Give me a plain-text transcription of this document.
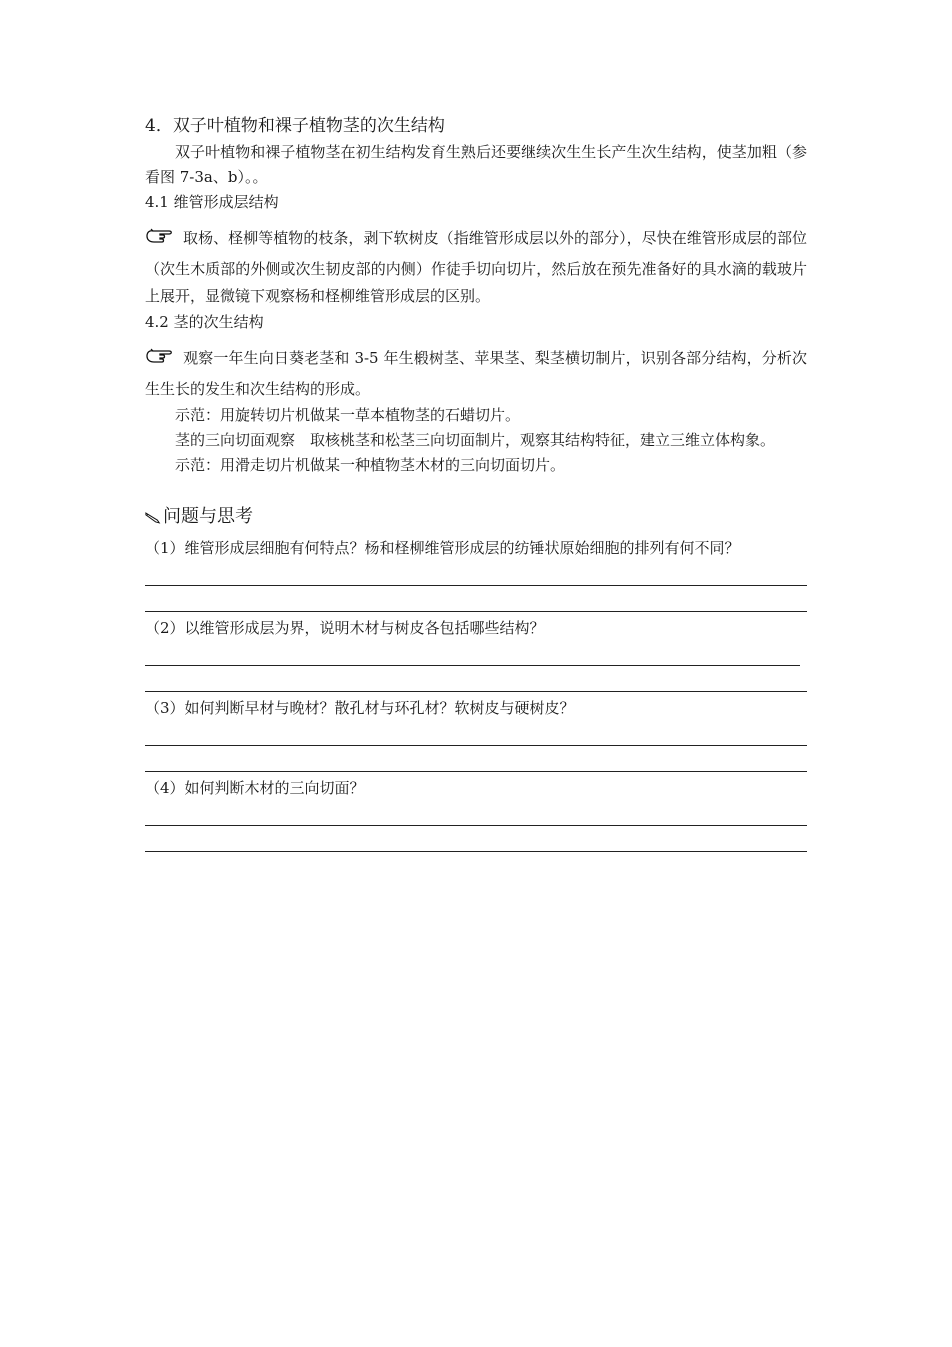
4．双子叶植物和裸子植物茎的次生结构

双子叶植物和裸子植物茎在初生结构发育生熟后还要继续次生生长产生次生结构，使茎加粗（参看图 7-3a、b）。。

4.1 维管形成层结构

取杨、柽柳等植物的枝条，剥下软树皮（指维管形成层以外的部分），尽快在维管形成层的部位（次生木质部的外侧或次生韧皮部的内侧）作徒手切向切片，然后放在预先准备好的具水滴的载玻片上展开，显微镜下观察杨和柽柳维管形成层的区别。

4.2 茎的次生结构

观察一年生向日葵老茎和 3-5 年生椴树茎、苹果茎、梨茎横切制片，识别各部分结构，分析次生生长的发生和次生结构的形成。

示范：用旋转切片机做某一草本植物茎的石蜡切片。

茎的三向切面观察　取核桃茎和松茎三向切面制片，观察其结构特征，建立三维立体构象。

示范：用滑走切片机做某一种植物茎木材的三向切面切片。

问题与思考

（1）维管形成层细胞有何特点？杨和柽柳维管形成层的纺锤状原始细胞的排列有何不同？

（2）以维管形成层为界，说明木材与树皮各包括哪些结构？

（3）如何判断早材与晚材？散孔材与环孔材？软树皮与硬树皮？

（4）如何判断木材的三向切面？
